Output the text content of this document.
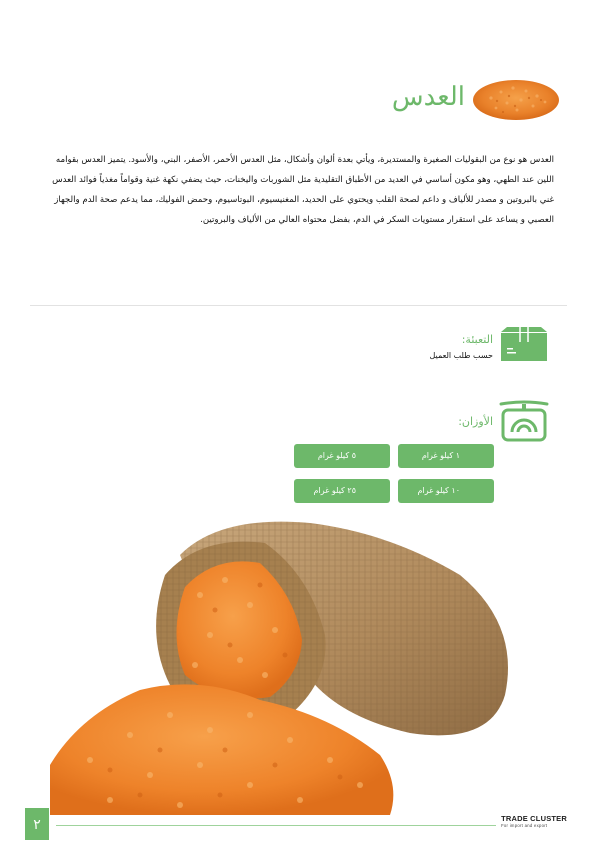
العدس

العدس هو نوع من البقوليات الصغيرة والمستديرة، ويأتي بعدة ألوان وأشكال، مثل العدس الأحمر، الأصفر، البني، والأسود. يتميز العدس بقوامه اللين عند الطهي، وهو مكون أساسي في العديد من الأطباق التقليدية مثل الشوربات واليخنات، حيث يضفي نكهة غنية وقواماً مغذياً فوائد العدس غني بالبروتين و مصدر للألياف و داعم لصحة القلب ويحتوي على الحديد، المغنيسيوم، البوتاسيوم، وحمض الفوليك، مما يدعم صحة الدم والجهاز العصبي و يساعد على استقرار مستويات السكر في الدم، بفضل محتواه العالي من الألياف والبروتين.

التعبئة:
حسب طلب العميل
الأوزان:
١ كيلو غرام
٥ كيلو غرام
١٠ كيلو غرام
٢٥ كيلو غرام
٢	TRADE CLUSTER
For import and export
